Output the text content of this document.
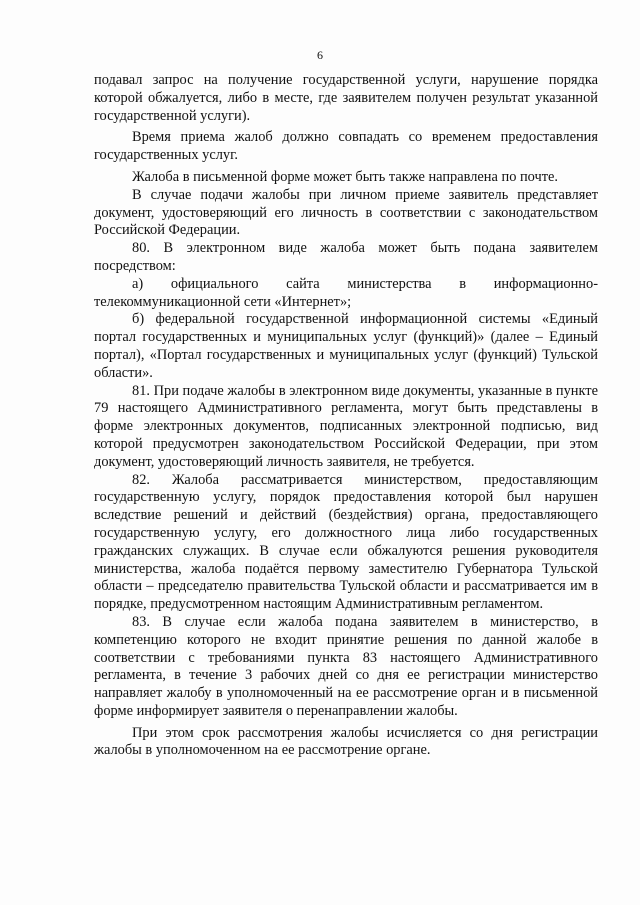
6

подавал запрос на получение государственной услуги, нарушение порядка которой обжалуется, либо в месте, где заявителем получен результат указанной государственной услуги).

Время приема жалоб должно совпадать со временем предоставления государственных услуг.

Жалоба в письменной форме может быть также направлена по почте.

В случае подачи жалобы при личном приеме заявитель представляет документ, удостоверяющий его личность в соответствии с законодательством Российской Федерации.

80. В электронном виде жалоба может быть подана заявителем посредством:

а) официального сайта министерства в информационно-телекоммуникационной сети «Интернет»;

б) федеральной государственной информационной системы «Единый портал государственных и муниципальных услуг (функций)» (далее – Единый портал), «Портал государственных и муниципальных услуг (функций) Тульской области».

81. При подаче жалобы в электронном виде документы, указанные в пункте 79 настоящего Административного регламента, могут быть представлены в форме электронных документов, подписанных электронной подписью, вид которой предусмотрен законодательством Российской Федерации, при этом документ, удостоверяющий личность заявителя, не требуется.

82. Жалоба рассматривается министерством, предоставляющим государственную услугу, порядок предоставления которой был нарушен вследствие решений и действий (бездействия) органа, предоставляющего государственную услугу, его должностного лица либо государственных гражданских служащих. В случае если обжалуются решения руководителя министерства, жалоба подаётся первому заместителю Губернатора Тульской области – председателю правительства Тульской области и рассматривается им в порядке, предусмотренном настоящим Административным регламентом.

83. В случае если жалоба подана заявителем в министерство, в компетенцию которого не входит принятие решения по данной жалобе в соответствии с требованиями пункта 83 настоящего Административного регламента, в течение 3 рабочих дней со дня ее регистрации министерство направляет жалобу в уполномоченный на ее рассмотрение орган и в письменной форме информирует заявителя о перенаправлении жалобы.

При этом срок рассмотрения жалобы исчисляется со дня регистрации жалобы в уполномоченном на ее рассмотрение органе.
